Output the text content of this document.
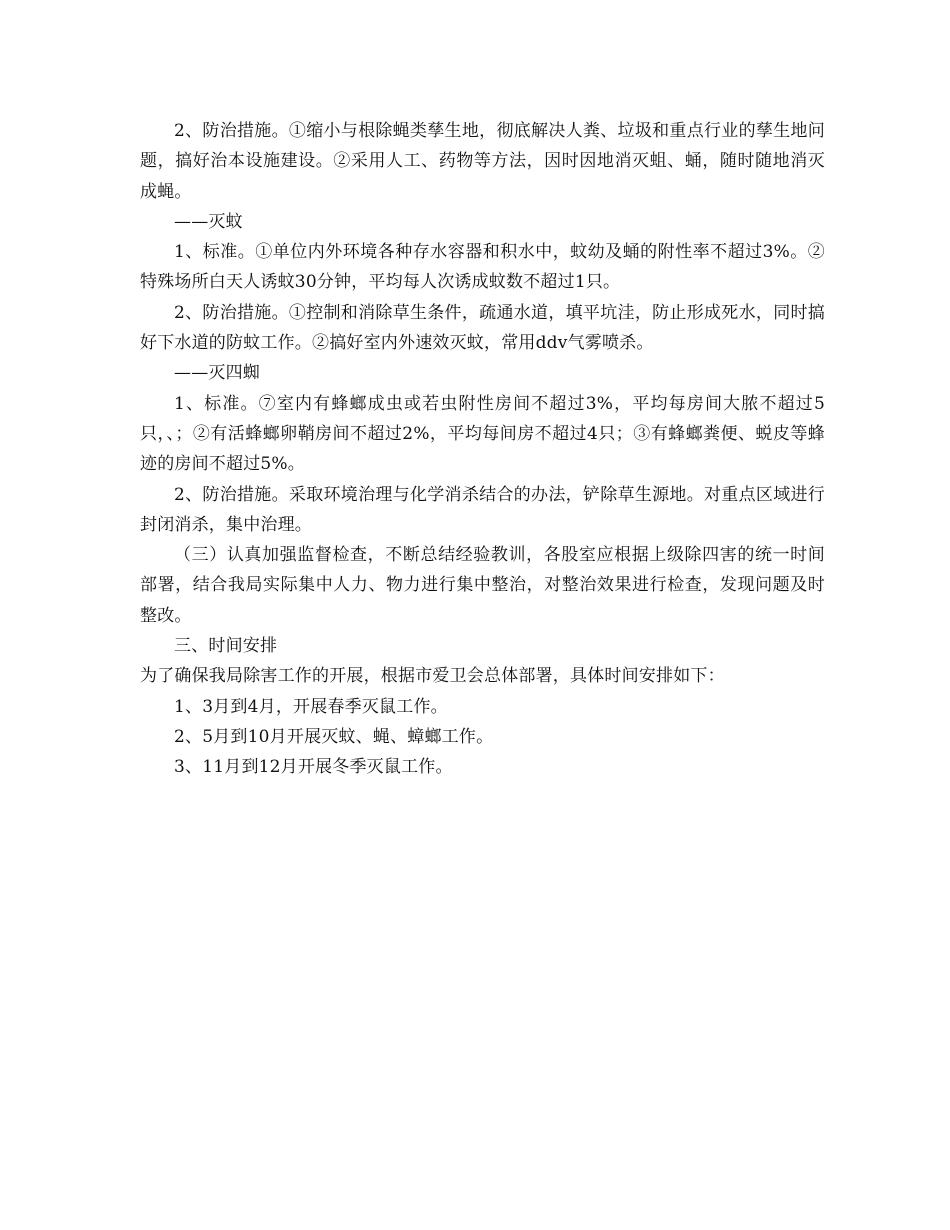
2、防治措施。①缩小与根除蝇类孳生地，彻底解决人粪、垃圾和重点行业的孳生地问题，搞好治本设施建设。②采用人工、药物等方法，因时因地消灭蛆、蛹，随时随地消灭成蝇。

——灭蚊

1、标准。①单位内外环境各种存水容器和积水中，蚊幼及蛹的附性率不超过3%。②特殊场所白天人诱蚊30分钟，平均每人次诱成蚊数不超过1只。

2、防治措施。①控制和消除草生条件，疏通水道，填平坑洼，防止形成死水，同时搞好下水道的防蚊工作。②搞好室内外速效灭蚊，常用ddv气雾喷杀。

——灭四蜘

1、标准。⑦室内有蜂螂成虫或若虫附性房间不超过3%，平均每房间大脓不超过5只，、；②有活蜂螂卵鞘房间不超过2%，平均每间房不超过4只；③有蜂螂粪便、蜕皮等蜂迹的房间不超过5%。

2、防治措施。采取环境治理与化学消杀结合的办法，铲除草生源地。对重点区域进行封闭消杀，集中治理。

（三）认真加强监督检查，不断总结经验教训，各股室应根据上级除四害的统一时间部署，结合我局实际集中人力、物力进行集中整治，对整治效果进行检查，发现问题及时整改。

三、时间安排

为了确保我局除害工作的开展，根据市爱卫会总体部署，具体时间安排如下：

1、3月到4月，开展春季灭鼠工作。

2、5月到10月开展灭蚊、蝇、蟑螂工作。

3、11月到12月开展冬季灭鼠工作。
